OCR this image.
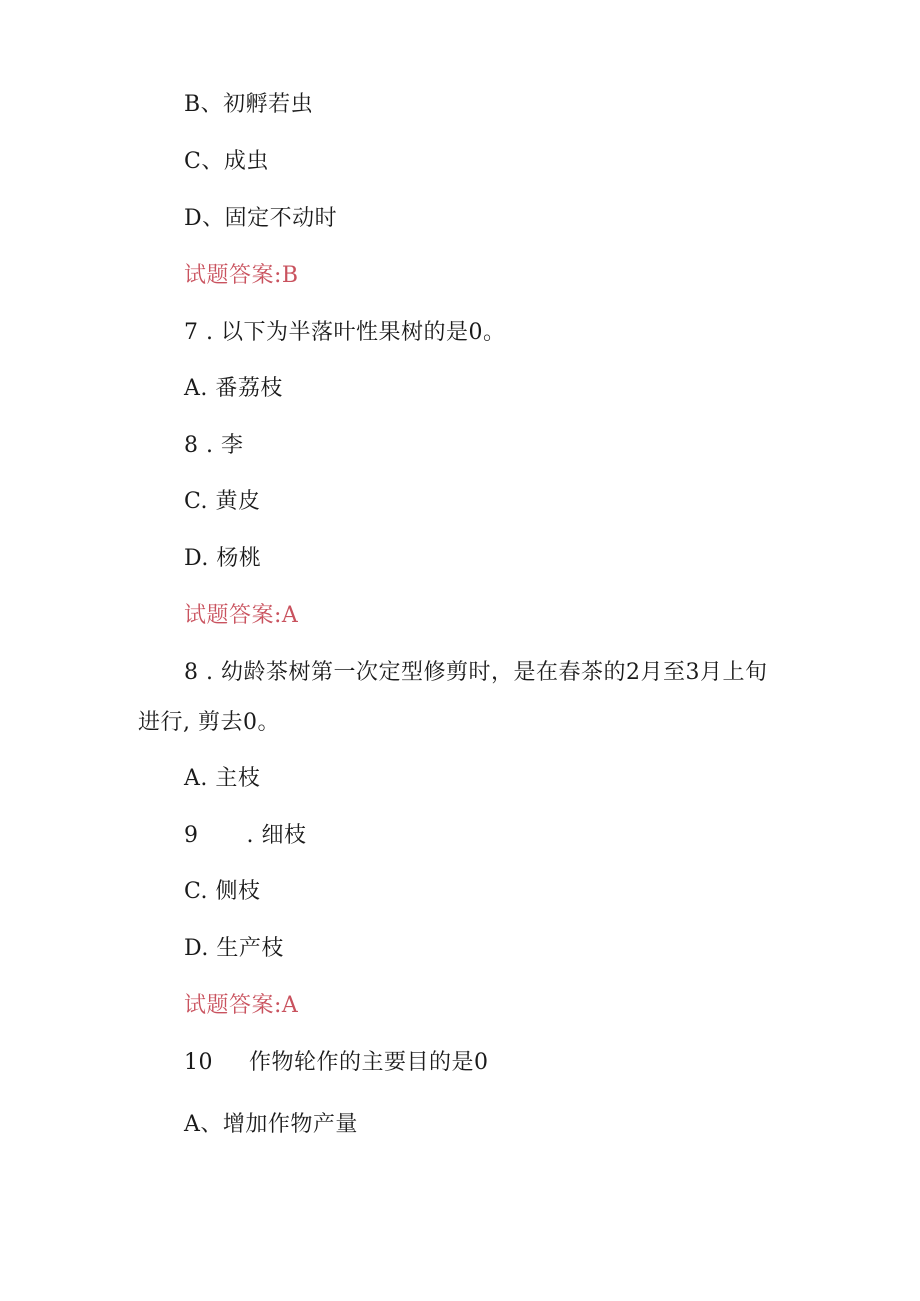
B、初孵若虫
C、成虫
D、固定不动时
试题答案:B
7 . 以下为半落叶性果树的是0。
A. 番荔枝
8 . 李
C. 黄皮
D. 杨桃
试题答案:A
8 . 幼龄茶树第一次定型修剪时，是在春茶的2月至3月上旬
进行, 剪去0。
A. 主枝
9 . 细枝
C. 侧枝
D. 生产枝
试题答案:A
10 作物轮作的主要目的是0
A、增加作物产量
